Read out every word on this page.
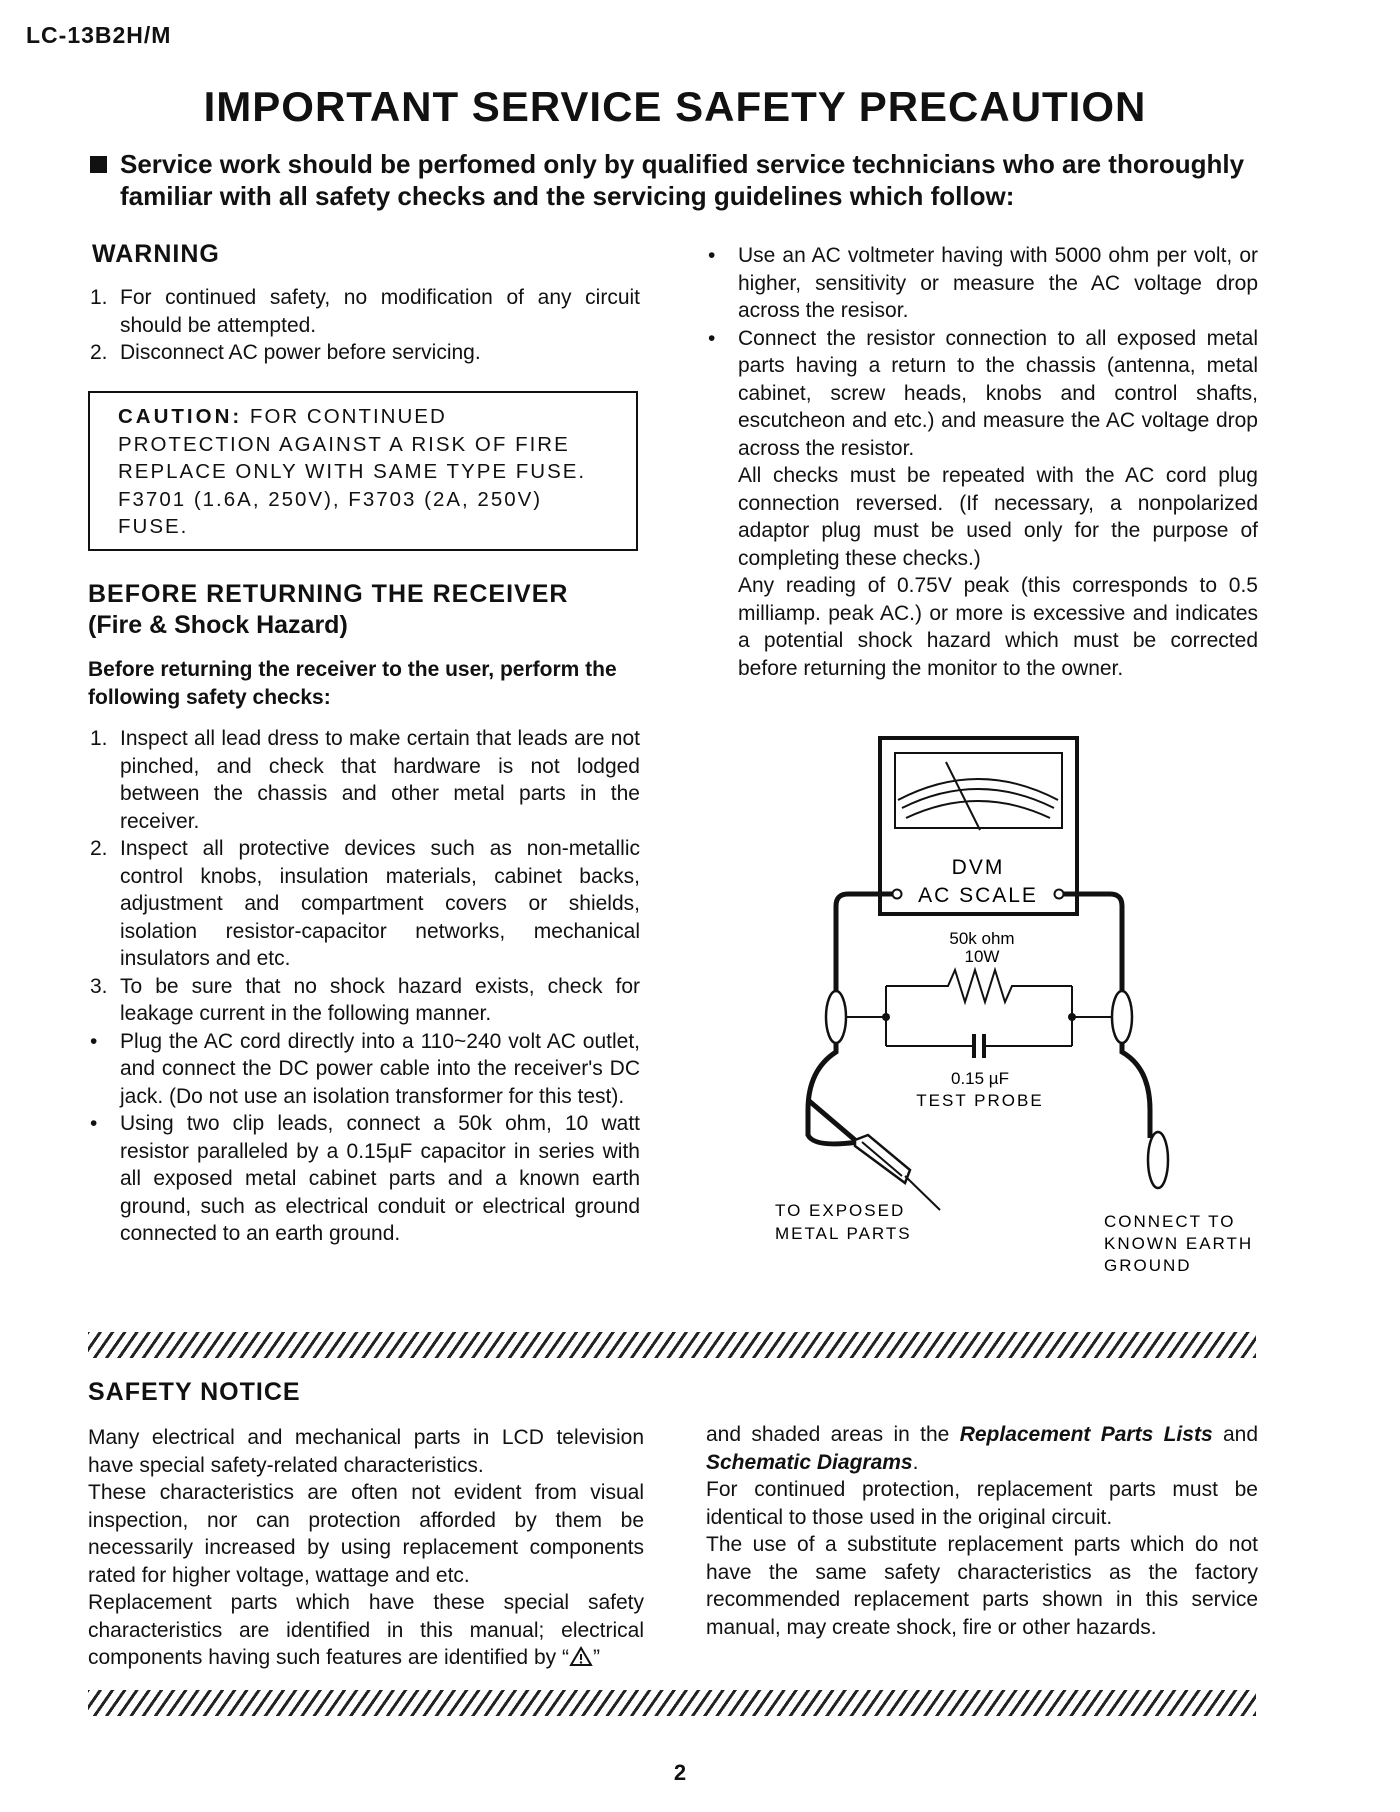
LC-13B2H/M
IMPORTANT SERVICE SAFETY PRECAUTION
Service work should be perfomed only by qualified service technicians who are thoroughly familiar with all safety checks and the servicing guidelines which follow:
WARNING
1. For continued safety, no modification of any circuit should be attempted.
2. Disconnect AC power before servicing.
CAUTION: FOR CONTINUED PROTECTION AGAINST A RISK OF FIRE REPLACE ONLY WITH SAME TYPE FUSE. F3701 (1.6A, 250V), F3703 (2A, 250V) FUSE.
BEFORE RETURNING THE RECEIVER
(Fire & Shock Hazard)
Before returning the receiver to the user, perform the following safety checks:
1. Inspect all lead dress to make certain that leads are not pinched, and check that hardware is not lodged between the chassis and other metal parts in the receiver.
2. Inspect all protective devices such as non-metallic control knobs, insulation materials, cabinet backs, adjustment and compartment covers or shields, isolation resistor-capacitor networks, mechanical insulators and etc.
3. To be sure that no shock hazard exists, check for leakage current in the following manner.
• Plug the AC cord directly into a 110~240 volt AC outlet, and connect the DC power cable into the receiver's DC jack. (Do not use an isolation transformer for this test).
• Using two clip leads, connect a 50k ohm, 10 watt resistor paralleled by a 0.15µF capacitor in series with all exposed metal cabinet parts and a known earth ground, such as electrical conduit or electrical ground connected to an earth ground.
• Use an AC voltmeter having with 5000 ohm per volt, or higher, sensitivity or measure the AC voltage drop across the resisor.
• Connect the resistor connection to all exposed metal parts having a return to the chassis (antenna, metal cabinet, screw heads, knobs and control shafts, escutcheon and etc.) and measure the AC voltage drop across the resistor.
All checks must be repeated with the AC cord plug connection reversed. (If necessary, a nonpolarized adaptor plug must be used only for the purpose of completing these checks.)
Any reading of 0.75V peak (this corresponds to 0.5 milliamp. peak AC.) or more is excessive and indicates a potential shock hazard which must be corrected before returning the monitor to the owner.
DVM
AC SCALE
50k ohm
10W
0.15 µF
TEST PROBE
TO EXPOSED
METAL PARTS
CONNECT TO
KNOWN EARTH
GROUND
SAFETY NOTICE
Many electrical and mechanical parts in LCD television have special safety-related characteristics.
These characteristics are often not evident from visual inspection, nor can protection afforded by them be necessarily increased by using replacement components rated for higher voltage, wattage and etc.
Replacement parts which have these special safety characteristics are identified in this manual; electrical components having such features are identified by “ ”
and shaded areas in the Replacement Parts Lists and Schematic Diagrams.
For continued protection, replacement parts must be identical to those used in the original circuit.
The use of a substitute replacement parts which do not have the same safety characteristics as the factory recommended replacement parts shown in this service manual, may create shock, fire or other hazards.
2
